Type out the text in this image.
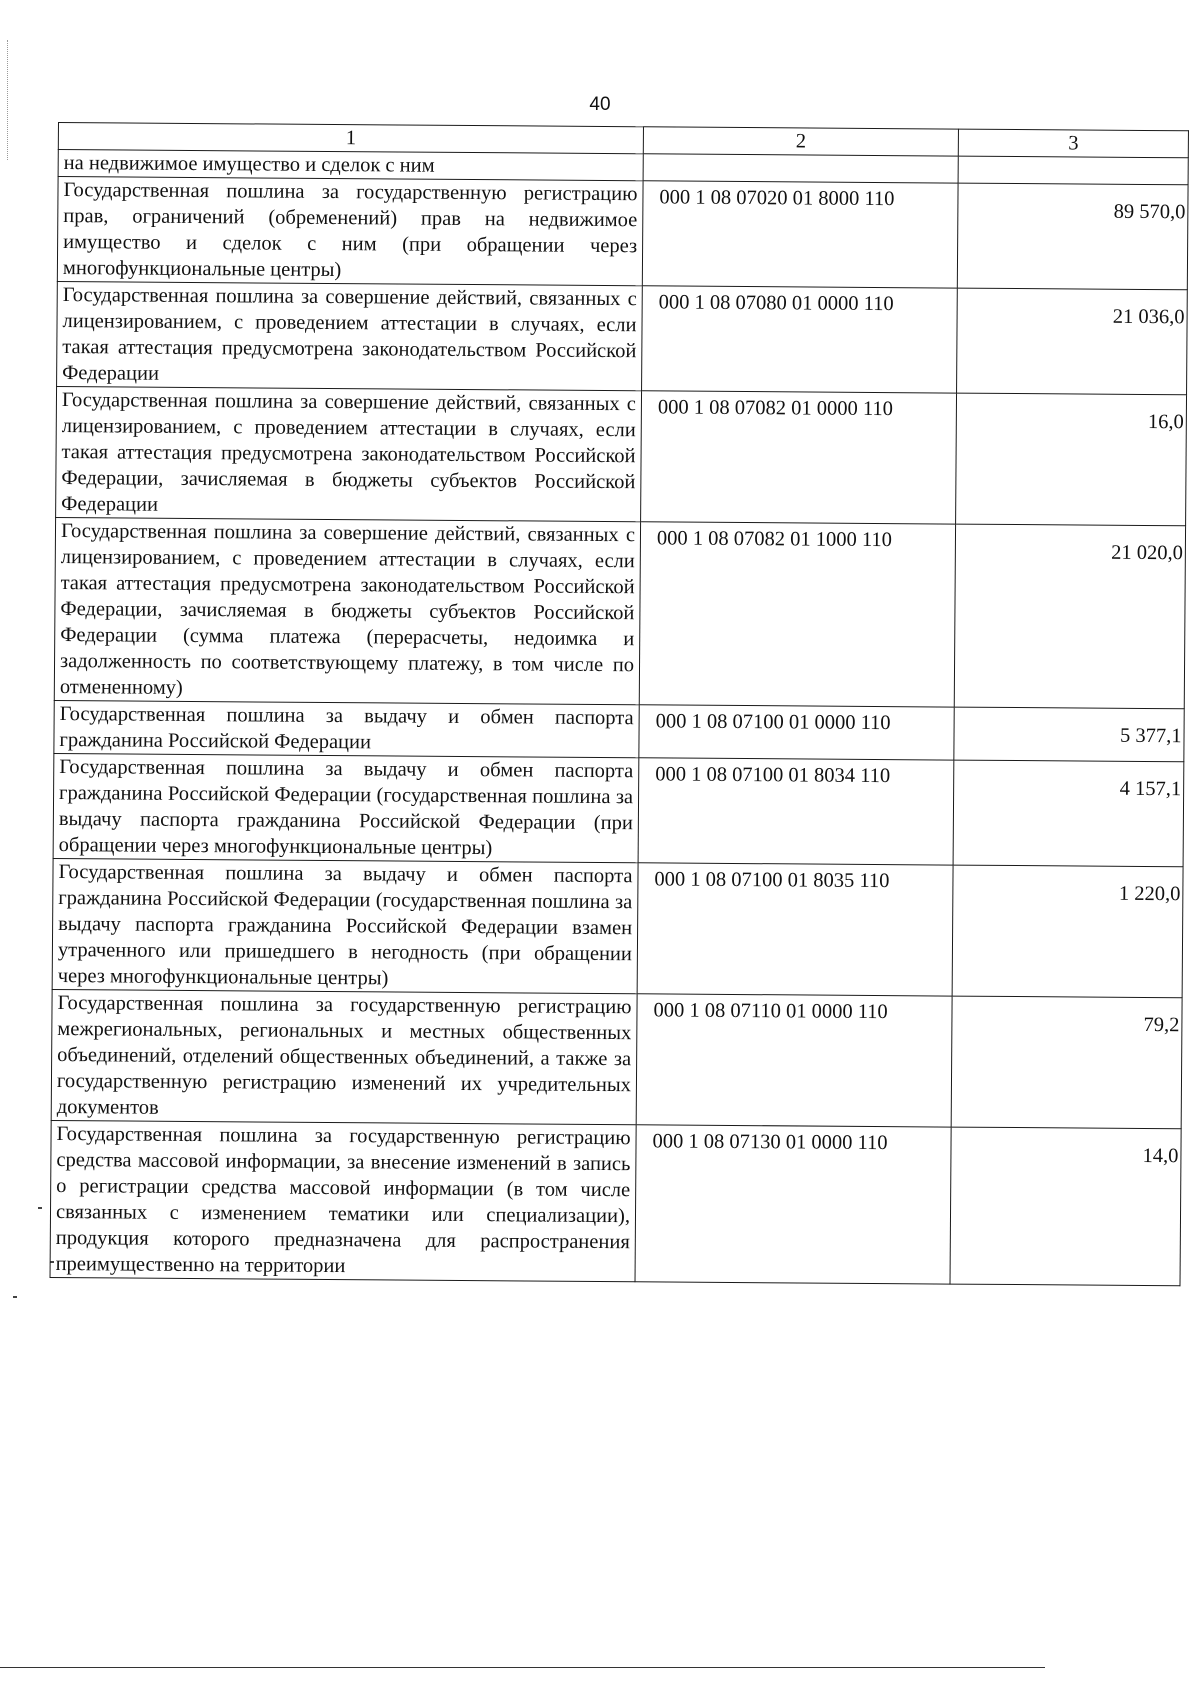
40
1	2	3
на недвижимое имущество и сделок с ним		
Государственная пошлина за государственную регистрацию прав, ограничений (обременений) прав на недвижимое имущество и сделок с ним (при обращении через многофункциональные центры)	000 1 08 07020 01 8000 110	89 570,0
Государственная пошлина за совершение действий, связанных с лицензированием, с проведением аттестации в случаях, если такая аттестация предусмотрена законодательством Российской Федерации	000 1 08 07080 01 0000 110	21 036,0
Государственная пошлина за совершение действий, связанных с лицензированием, с проведением аттестации в случаях, если такая аттестация предусмотрена законодательством Российской Федерации, зачисляемая в бюджеты субъектов Российской Федерации	000 1 08 07082 01 0000 110	16,0
Государственная пошлина за совершение действий, связанных с лицензированием, с проведением аттестации в случаях, если такая аттестация предусмотрена законодательством Российской Федерации, зачисляемая в бюджеты субъектов Российской Федерации (сумма платежа (перерасчеты, недоимка и задолженность по соответствующему платежу, в том числе по отмененному)	000 1 08 07082 01 1000 110	21 020,0
Государственная пошлина за выдачу и обмен паспорта гражданина Российской Федерации	000 1 08 07100 01 0000 110	5 377,1
Государственная пошлина за выдачу и обмен паспорта гражданина Российской Федерации (государственная пошлина за выдачу паспорта гражданина Российской Федерации (при обращении через многофункциональные центры)	000 1 08 07100 01 8034 110	4 157,1
Государственная пошлина за выдачу и обмен паспорта гражданина Российской Федерации (государственная пошлина за выдачу паспорта гражданина Российской Федерации взамен утраченного или пришедшего в негодность (при обращении через многофункциональные центры)	000 1 08 07100 01 8035 110	1 220,0
Государственная пошлина за государственную регистрацию межрегиональных, региональных и местных общественных объединений, отделений общественных объединений, а также за государственную регистрацию изменений их учредительных документов	000 1 08 07110 01 0000 110	79,2
Государственная пошлина за государственную регистрацию средства массовой информации, за внесение изменений в запись о регистрации средства массовой информации (в том числе связанных с изменением тематики или специализации), продукция которого предназначена для распространения преимущественно на территории	000 1 08 07130 01 0000 110	14,0
